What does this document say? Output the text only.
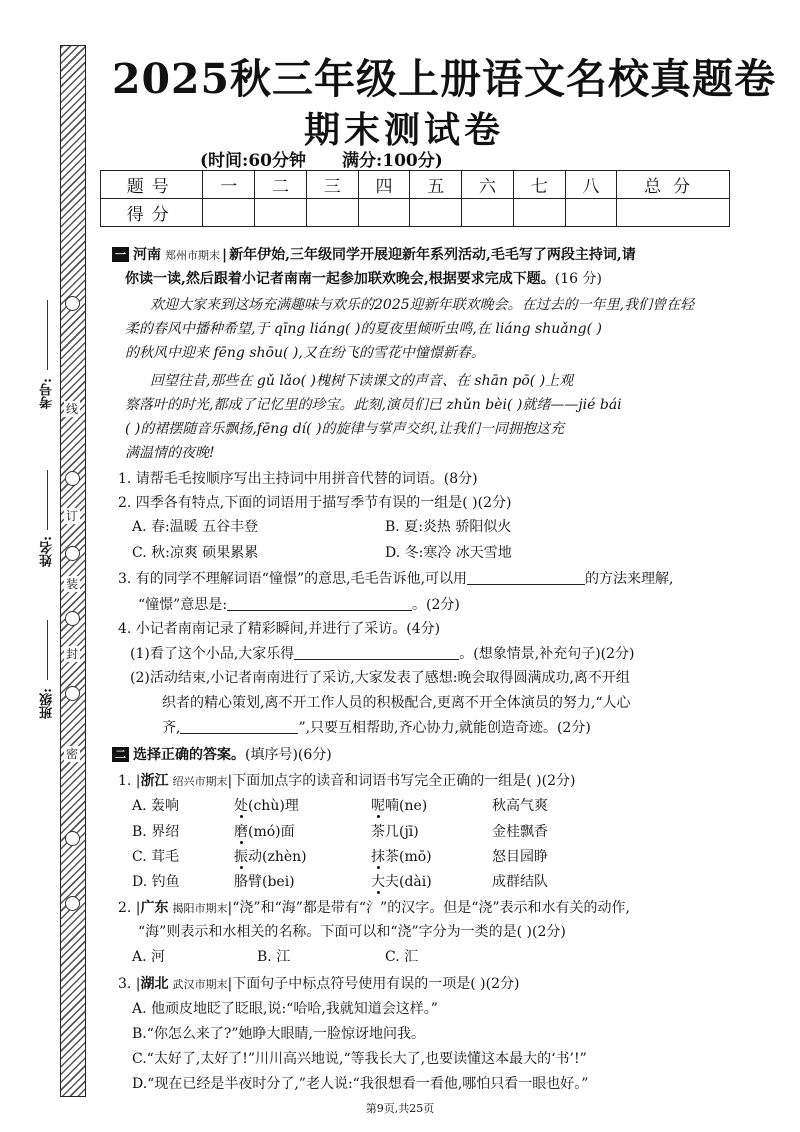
线
订
装
封
密
考号:
姓名:
班级:
2025秋三年级上册语文名校真题卷
期末测试卷
(时间:60分钟 满分:100分)
题号	一	二	三	四	五	六	七	八	总分
得分									
一 河南 郑州市期末 | 新年伊始,三年级同学开展迎新年系列活动,毛毛写了两段主持词,请
你读一读,然后跟着小记者南南一起参加联欢晚会,根据要求完成下题。(16 分)
欢迎大家来到这场充满趣味与欢乐的2025迎新年联欢晚会。在过去的一年里,我们曾在轻
柔的春风中播种希望,于 qīng liáng( )的夏夜里倾听虫鸣,在 liáng shuǎng( )
的秋风中迎来 fēng shōu( ),又在纷飞的雪花中憧憬新春。
回望往昔,那些在 gǔ lǎo( )槐树下读课文的声音、在 shān pō( )上观
察落叶的时光,都成了记忆里的珍宝。此刻,演员们已 zhǔn bèi( )就绪——jié bái
( )的裙摆随音乐飘扬,fēng dí( )的旋律与掌声交织,让我们一同拥抱这充
满温情的夜晚!
1. 请帮毛毛按顺序写出主持词中用拼音代替的词语。(8分)
2. 四季各有特点,下面的词语用于描写季节有误的一组是( )(2分)
A. 春:温暖 五谷丰登	B. 夏:炎热 骄阳似火
C. 秋:凉爽 硕果累累	D. 冬:寒冷 冰天雪地
3. 有的同学不理解词语“憧憬”的意思,毛毛告诉他,可以用	的方法来理解,
“憧憬”意思是:	。(2分)
4. 小记者南南记录了精彩瞬间,并进行了采访。(4分)
(1)看了这个小品,大家乐得	。(想象情景,补充句子)(2分)
(2)活动结束,小记者南南进行了采访,大家发表了感想:晚会取得圆满成功,离不开组
织者的精心策划,离不开工作人员的积极配合,更离不开全体演员的努力,“人心
齐,	”,只要互相帮助,齐心协力,就能创造奇迹。(2分)
二 选择正确的答案。(填序号)(6分)
1. |浙江 绍兴市期末|下面加点字的读音和词语书写完全正确的一组是( )(2分)
A. 轰响	处(chù)理	呢喃(ne)	秋高气爽
B. 界绍	磨(mó)面	茶几(jī)	金桂飘香
C. 茸毛	振动(zhèn)	抹茶(mō)	怒目园睁
D. 钓鱼	胳臂(bei)	大夫(dài)	成群结队
2. |广东 揭阳市期末|“浇”和“海”都是带有“氵”的汉字。但是“浇”表示和水有关的动作,
“海”则表示和水相关的名称。下面可以和“浇”字分为一类的是( )(2分)
A. 河	B. 江	C. 汇
3. |湖北 武汉市期末|下面句子中标点符号使用有误的一项是( )(2分)
A. 他顽皮地眨了眨眼,说:“哈哈,我就知道会这样。”
B.“你怎么来了?”她睁大眼睛,一脸惊讶地问我。
C.“太好了,太好了!”川川高兴地说,“等我长大了,也要读懂这本最大的‘书’!”
D.“现在已经是半夜时分了,”老人说:“我很想看一看他,哪怕只看一眼也好。”
第9页,共25页
